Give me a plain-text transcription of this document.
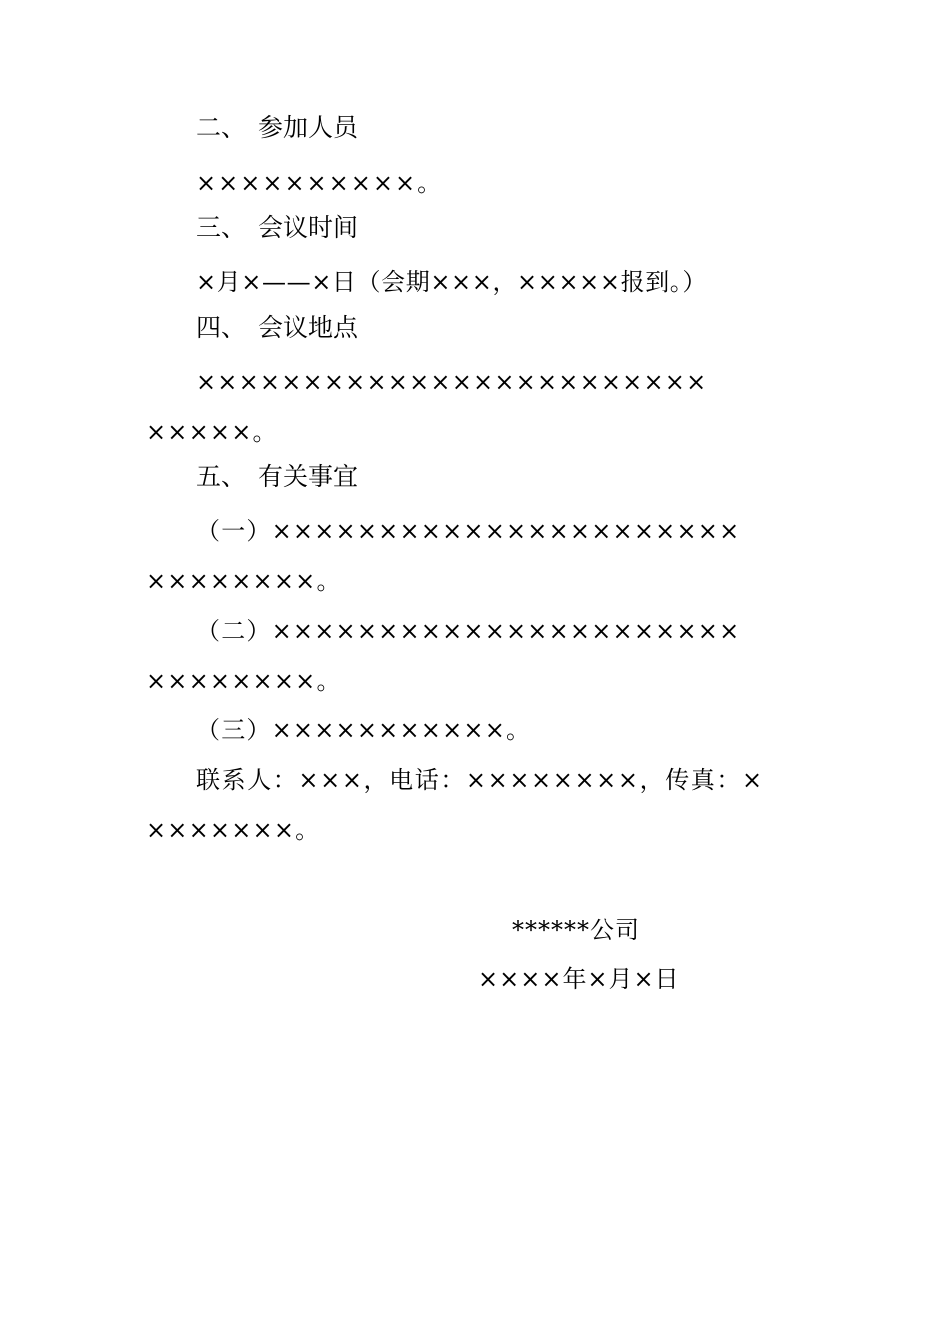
二、 参加人员
××××××××××。
三、 会议时间
×月×——×日（会期×××，×××××报到。）
四、 会议地点
××××××××××××××××××××××××
×××××。
五、 有关事宜
（一）××××××××××××××××××××××
××××××××。
（二）××××××××××××××××××××××
××××××××。
（三）×××××××××××。
联系人：×××，电话：××××××××，传真：×
×××××××。
******公司
××××年×月×日
